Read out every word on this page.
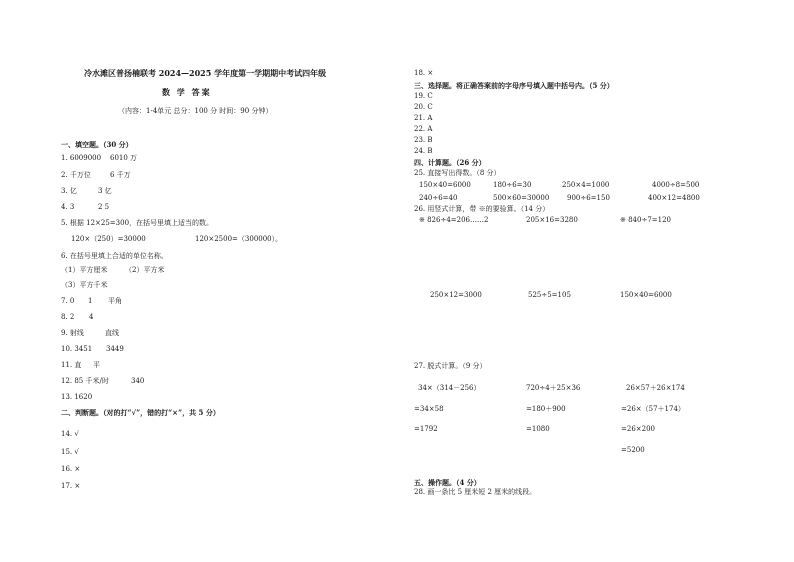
冷水滩区普扬楠联考 2024—2025 学年度第一学期期中考试四年级
数 学 答案
（内容：1-4单元 总分：100 分 时间：90 分钟）
一、填空题。（30 分）
1. 6009000 6010 万
2. 千万位	6 千万
3. 亿	3 亿
4. 3	2 5
5. 根据 12×25=300，在括号里填上适当的数。
120×（250）=30000	120×2500=（300000）。
6. 在括号里填上合适的单位名称。
（1）平方厘米	（2）平方米
（3）平方千米
7. 0 1 平角
8. 2 4
9. 射线	直线
10. 3451 3449
11. 直 平
12. 85 千米/时	340
13. 1620
二、判断题。（对的打“√”，错的打“×”，共 5 分）
14. √
15. √
16. ×
17. ×
18. ×
三、选择题。将正确答案前的字母序号填入题中括号内。（5 分）
19. C
20. C
21. A
22. A
23. B
24. B
四、计算题。（26 分）
25. 直接写出得数。（8 分）
150×40=6000	180÷6=30	250×4=1000	4000÷8=500
240÷6=40	500×60=30000	900÷6=150	400×12=4800
26. 用竖式计算，带 ※的要验算。（14 分）
※ 826÷4=206……2	205×16=3280	※ 840÷7=120
250×12=3000	525÷5=105	150×40=6000
27. 脱式计算。（9 分）
34×（314－256）
=34×58
=1792
720÷4＋25×36
=180＋900
=1080
26×57＋26×174
=26×（57＋174）
=26×200
=5200
五、操作题。（4 分）
28. 画一条比 5 厘米短 2 厘米的线段。
